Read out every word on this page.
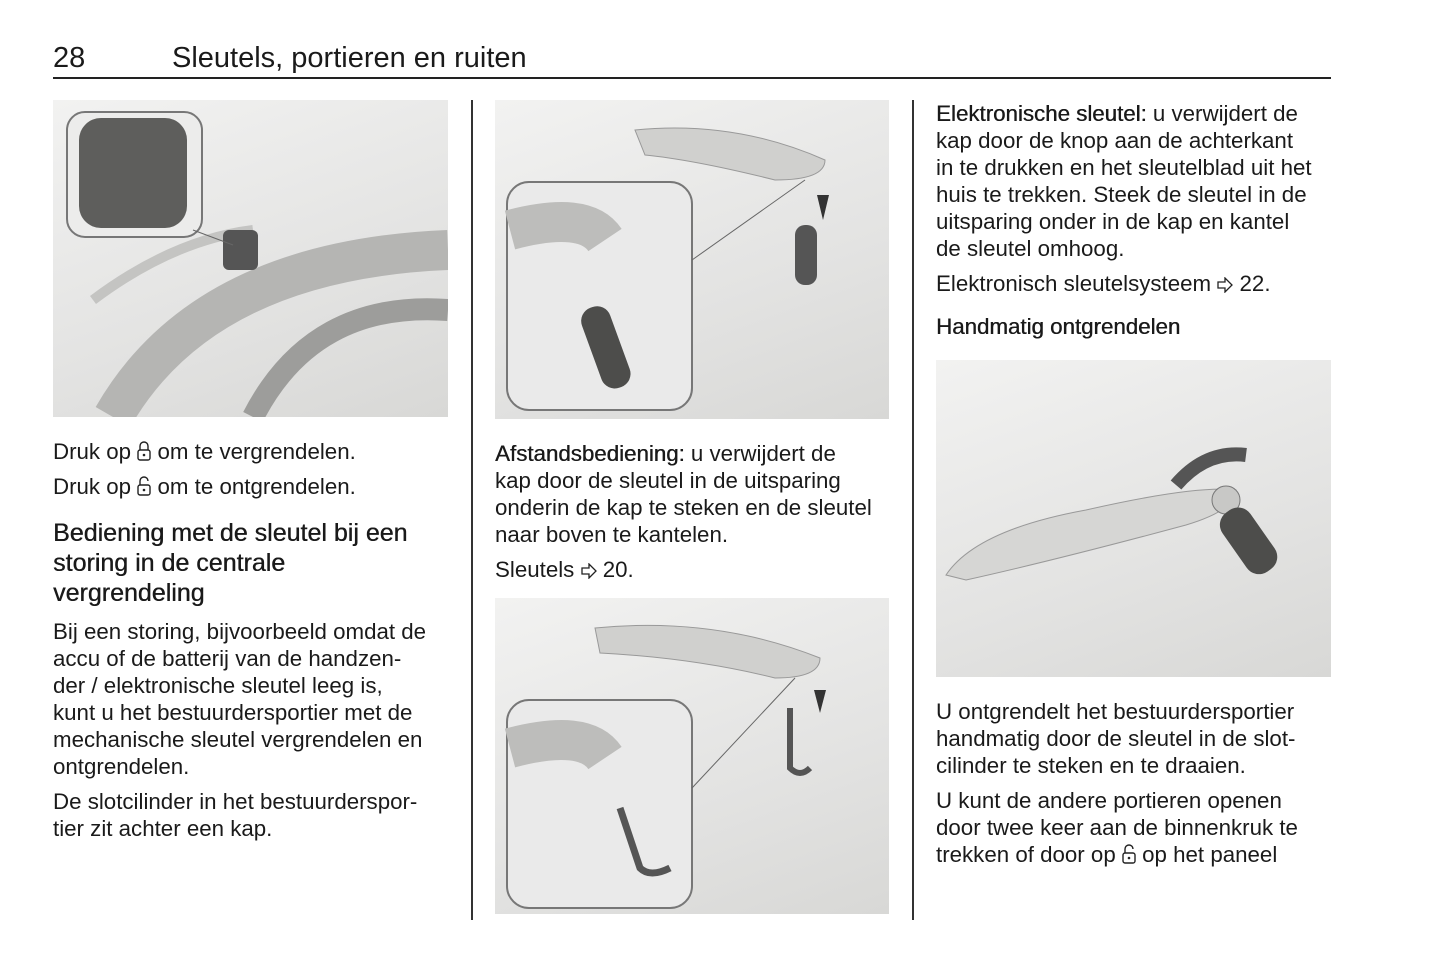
28	Sleutels, portieren en ruiten

Druk op om te vergrendelen.

Druk op om te ontgrendelen.

Bediening met de sleutel bij een
storing in de centrale
vergrendeling

Bij een storing, bijvoorbeeld omdat de
accu of de batterij van de handzen-
der / elektronische sleutel leeg is,
kunt u het bestuurdersportier met de
mechanische sleutel vergrendelen en
ontgrendelen.

De slotcilinder in het bestuurderspor-
tier zit achter een kap.

Afstandsbediening: u verwijdert de
kap door de sleutel in de uitsparing
onderin de kap te steken en de sleutel
naar boven te kantelen.

Sleutels 20.

Elektronische sleutel: u verwijdert de
kap door de knop aan de achterkant
in te drukken en het sleutelblad uit het
huis te trekken. Steek de sleutel in de
uitsparing onder in de kap en kantel
de sleutel omhoog.

Elektronisch sleutelsysteem 22.

Handmatig ontgrendelen

U ontgrendelt het bestuurdersportier
handmatig door de sleutel in de slot-
cilinder te steken en te draaien.

U kunt de andere portieren openen
door twee keer aan de binnenkruk te
trekken of door op op het paneel
